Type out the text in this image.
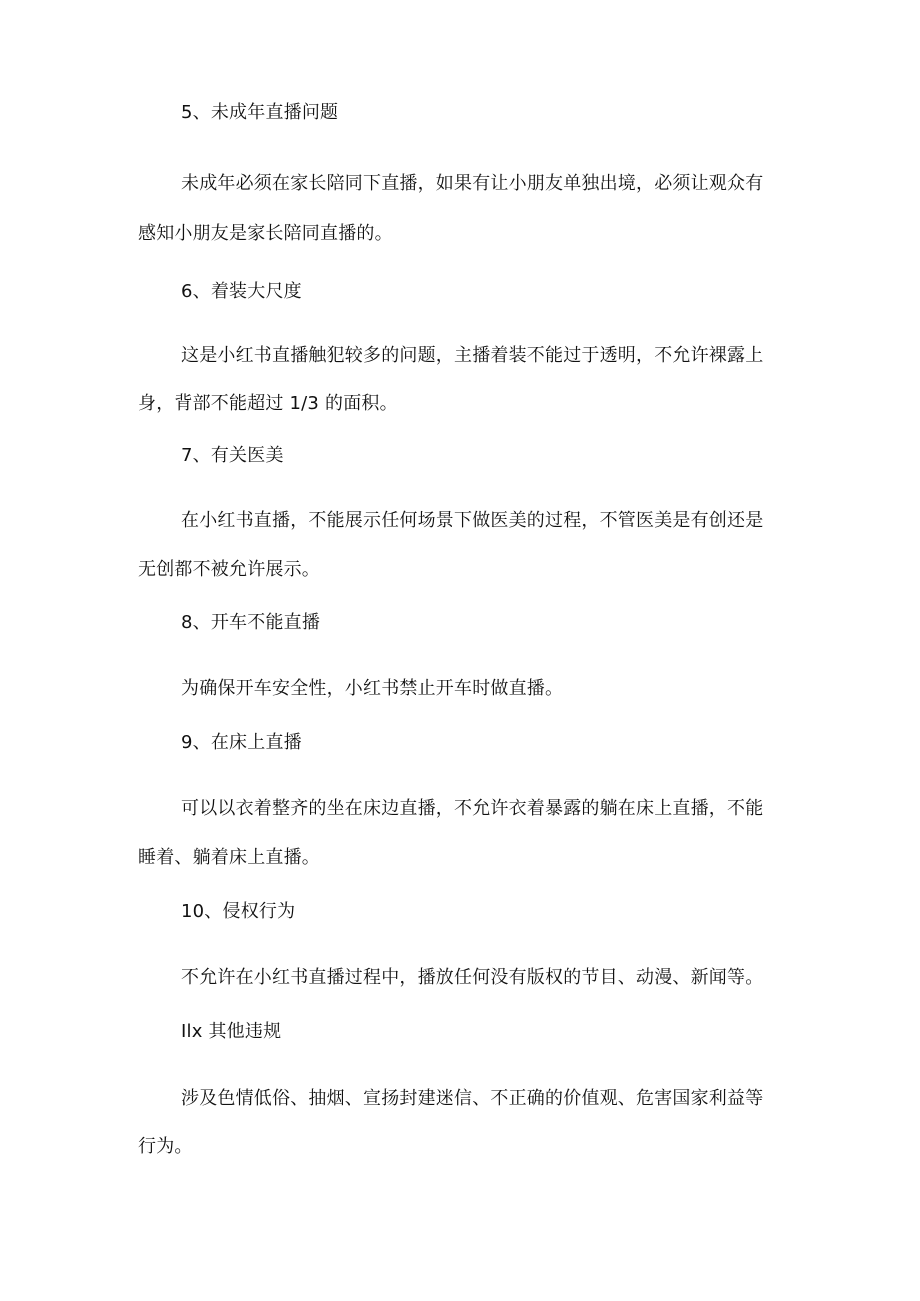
5、未成年直播问题

未成年必须在家长陪同下直播，如果有让小朋友单独出境，必须让观众有

感知小朋友是家长陪同直播的。

6、着装大尺度

这是小红书直播触犯较多的问题，主播着装不能过于透明，不允许裸露上

身，背部不能超过 1/3 的面积。

7、有关医美

在小红书直播，不能展示任何场景下做医美的过程，不管医美是有创还是

无创都不被允许展示。

8、开车不能直播

为确保开车安全性，小红书禁止开车时做直播。

9、在床上直播

可以以衣着整齐的坐在床边直播，不允许衣着暴露的躺在床上直播，不能

睡着、躺着床上直播。

10、侵权行为

不允许在小红书直播过程中，播放任何没有版权的节目、动漫、新闻等。

Ilx 其他违规

涉及色情低俗、抽烟、宣扬封建迷信、不正确的价值观、危害国家利益等

行为。
